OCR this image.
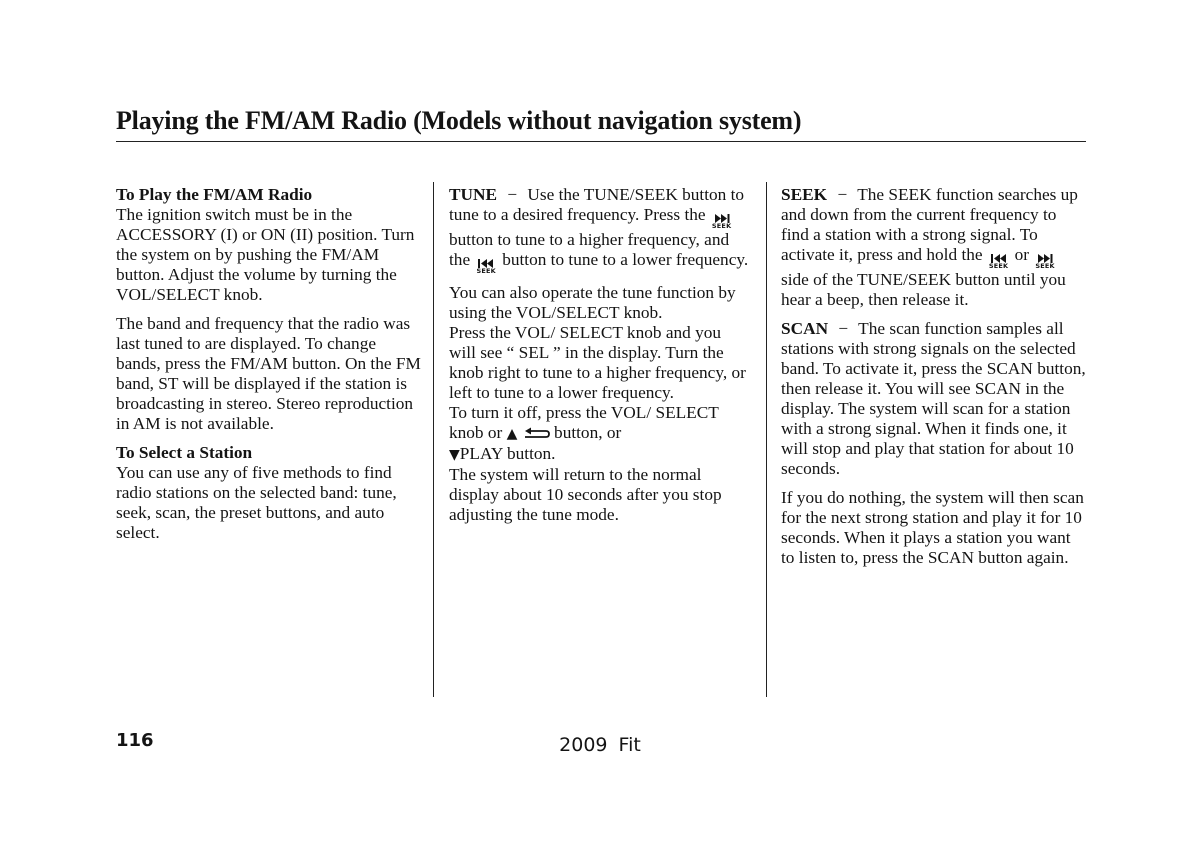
Playing the FM/AM Radio (Models without navigation system)

To Play the FM/AM Radio
The ignition switch must be in the ACCESSORY (I) or ON (II) position. Turn the system on by pushing the FM/AM button. Adjust the volume by turning the VOL/SELECT knob.

The band and frequency that the radio was last tuned to are displayed. To change bands, press the FM/AM button. On the FM band, ST will be displayed if the station is broadcasting in stereo. Stereo reproduction in AM is not available.

To Select a Station
You can use any of five methods to find radio stations on the selected band: tune, seek, scan, the preset buttons, and auto select.

TUNE − Use the TUNE/SEEK button to tune to a desired frequency. Press the
SEEK
button to tune to a higher frequency, and the
SEEK
button to tune to a lower frequency.

You can also operate the tune function by using the VOL/SELECT knob.

Press the VOL/ SELECT knob and you will see “ SEL ” in the display. Turn the knob right to tune to a higher frequency, or left to tune to a lower frequency.

To turn it off, press the VOL/ SELECT knob or ▲ button, or
▼PLAY button.

The system will return to the normal display about 10 seconds after you stop adjusting the tune mode.

SEEK − The SEEK function searches up and down from the current frequency to find a station with a strong signal. To activate it, press and hold the
SEEK
or
SEEK
side of the TUNE/SEEK button until you hear a beep, then release it.

SCAN − The scan function samples all stations with strong signals on the selected band. To activate it, press the SCAN button, then release it. You will see SCAN in the display. The system will scan for a station with a strong signal. When it finds one, it will stop and play that station for about 10 seconds.

If you do nothing, the system will then scan for the next strong station and play it for 10 seconds. When it plays a station you want to listen to, press the SCAN button again.

116	2009 Fit
